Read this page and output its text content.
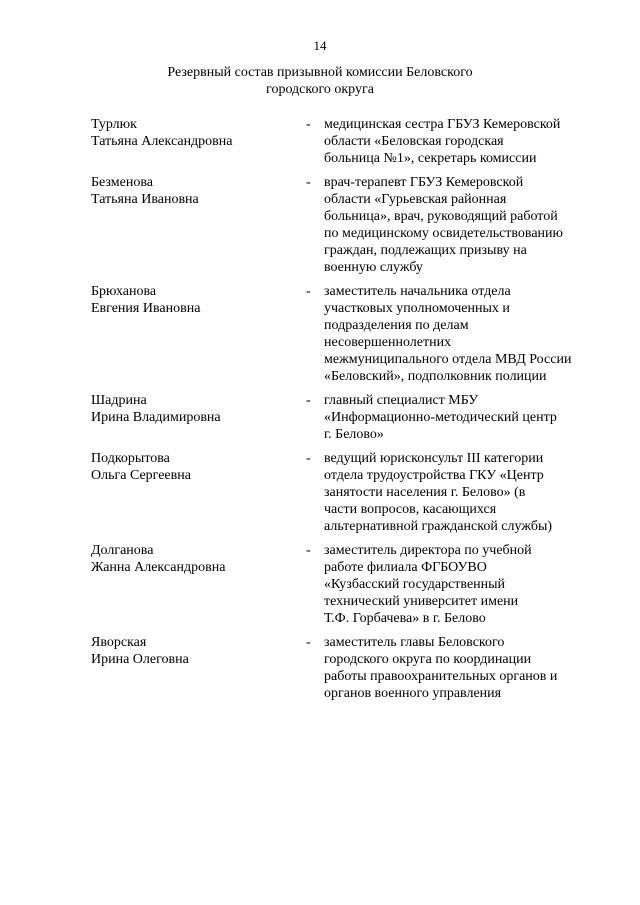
14
Резервный состав призывной комиссии Беловского
городского округа
Турлюк
Татьяна Александровна
- медицинская сестра ГБУЗ Кемеровской
области «Беловская городская
больница №1», секретарь комиссии
Безменова
Татьяна Ивановна
- врач-терапевт ГБУЗ Кемеровской
области «Гурьевская районная
больница», врач, руководящий работой
по медицинскому освидетельствованию
граждан, подлежащих призыву на
военную службу
Брюханова
Евгения Ивановна
- заместитель начальника отдела
участковых уполномоченных и
подразделения по делам
несовершеннолетних
межмуниципального отдела МВД России
«Беловский», подполковник полиции
Шадрина
Ирина Владимировна
- главный специалист МБУ
«Информационно-методический центр
г. Белово»
Подкорытова
Ольга Сергеевна
- ведущий юрисконсульт III категории
отдела трудоустройства ГКУ «Центр
занятости населения г. Белово» (в
части вопросов, касающихся
альтернативной гражданской службы)
Долганова
Жанна Александровна
- заместитель директора по учебной
работе филиала ФГБОУВО
«Кузбасский государственный
технический университет имени
Т.Ф. Горбачева» в г. Белово
Яворская
Ирина Олеговна
- заместитель главы Беловского
городского округа по координации
работы правоохранительных органов и
органов военного управления
